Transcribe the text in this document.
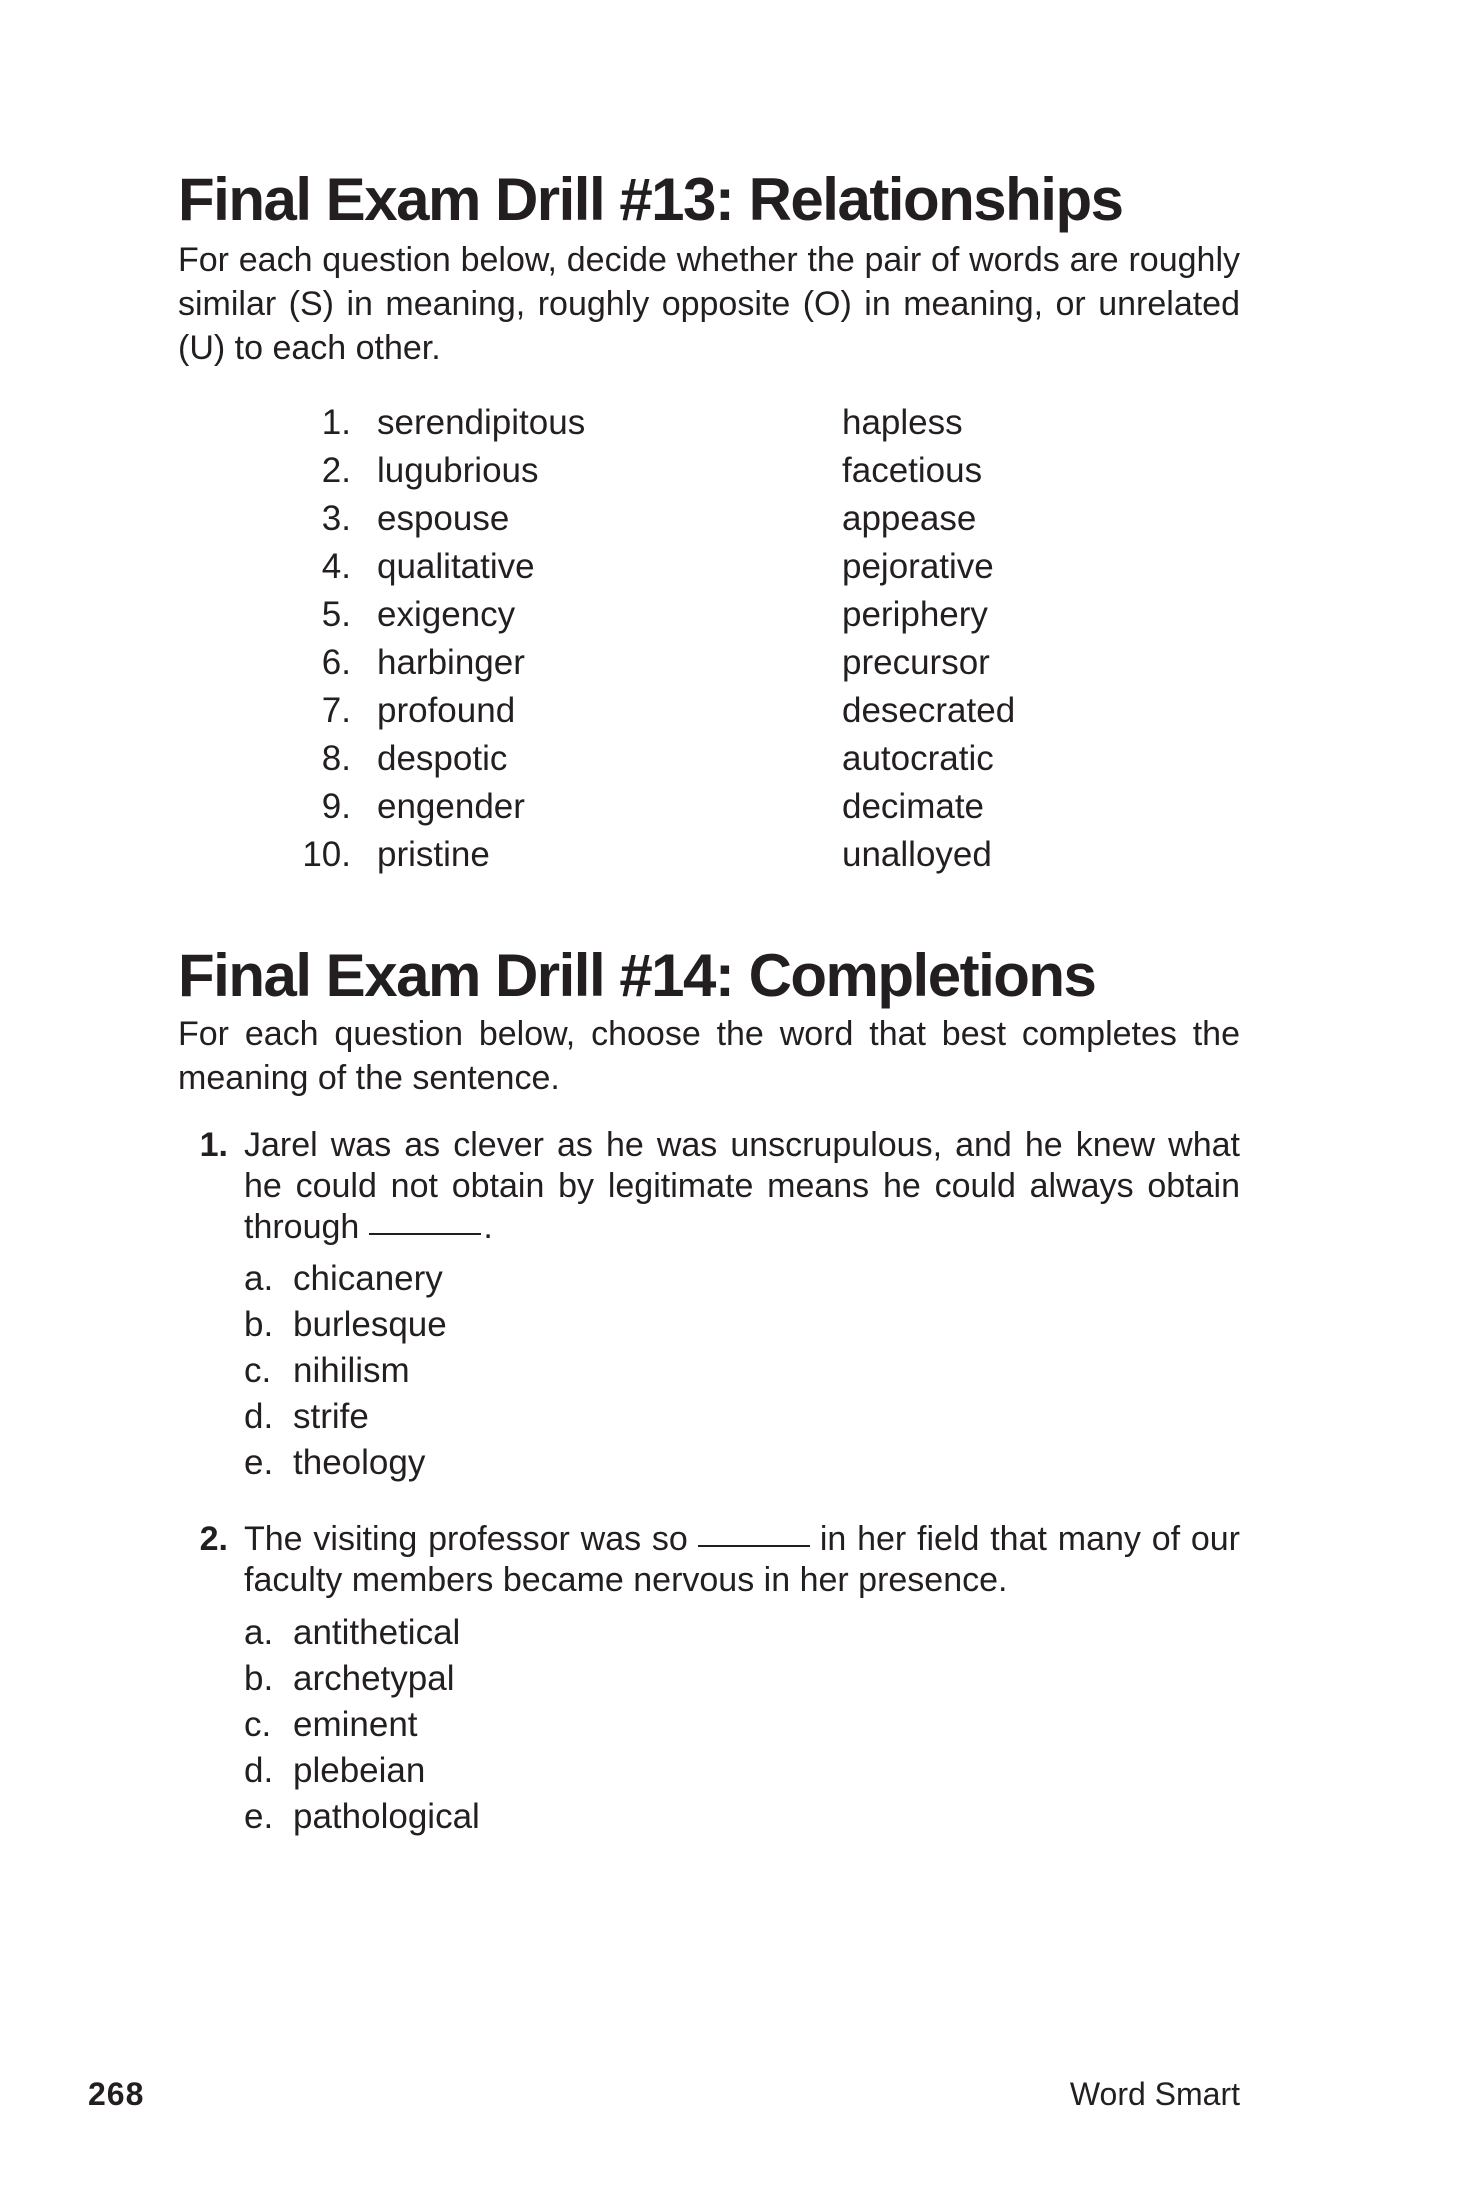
Final Exam Drill #13: Relationships

For each question below, decide whether the pair of words are roughly similar (S) in meaning, roughly opposite (O) in meaning, or unrelated (U) to each other.

1. serendipitous	hapless
2. lugubrious	facetious
3. espouse	appease
4. qualitative	pejorative
5. exigency	periphery
6. harbinger	precursor
7. profound	desecrated
8. despotic	autocratic
9. engender	decimate
10. pristine	unalloyed
Final Exam Drill #14: Completions

For each question below, choose the word that best completes the meaning of the sentence.

1. Jarel was as clever as he was unscrupulous, and he knew what he could not obtain by legitimate means he could always obtain through	.

a. chicanery
b. burlesque
c. nihilism
d. strife
e. theology
2. The visiting professor was so	in her field that many of our faculty members became nervous in her presence.

a. antithetical
b. archetypal
c. eminent
d. plebeian
e. pathological
268	Word Smart
